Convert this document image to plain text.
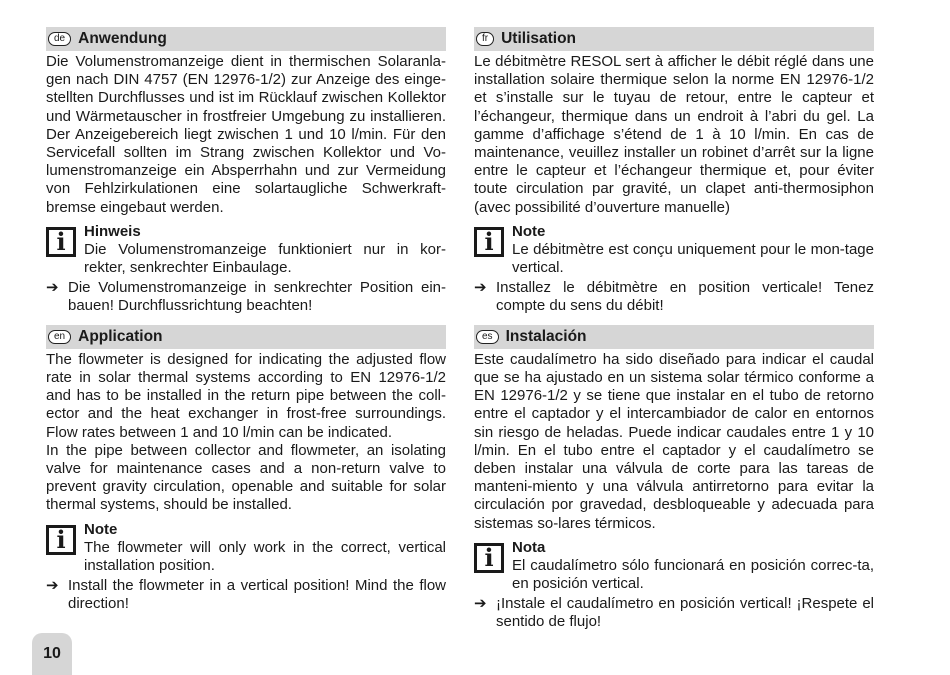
de Anwendung

Die Volumenstromanzeige dient in thermischen Solaranla-gen nach DIN 4757 (EN 12976-1/2) zur Anzeige des einge-stellten Durchflusses und ist im Rücklauf zwischen Kollektor und Wärmetauscher in frostfreier Umgebung zu installieren. Der Anzeigebereich liegt zwischen 1 und 10 l/min. Für den Servicefall sollten im Strang zwischen Kollektor und Vo-lumenstromanzeige ein Absperrhahn und zur Vermeidung von Fehlzirkulationen eine solartaugliche Schwerkraft-bremse eingebaut werden.

i	Hinweis
Die Volumenstromanzeige funktioniert nur in kor-rekter, senkrechter Einbaulage.
➔ Die Volumenstromanzeige in senkrechter Position ein-bauen! Durchflussrichtung beachten!
en Application

The flowmeter is designed for indicating the adjusted flow rate in solar thermal systems according to EN 12976-1/2 and has to be installed in the return pipe between the coll-ector and the heat exchanger in frost-free surroundings. Flow rates between 1 and 10 l/min can be indicated.

In the pipe between collector and flowmeter, an isolating valve for maintenance cases and a non-return valve to prevent gravity circulation, openable and suitable for solar thermal systems, should be installed.

i	Note
The flowmeter will only work in the correct, vertical installation position.
➔ Install the flowmeter in a vertical position! Mind the flow direction!
fr Utilisation

Le débitmètre RESOL sert à afficher le débit réglé dans une installation solaire thermique selon la norme EN 12976-1/2 et s’installe sur le tuyau de retour, entre le capteur et l’échangeur, thermique dans un endroit à l’abri du gel. La gamme d’affichage s’étend de 1 à 10 l/min. En cas de maintenance, veuillez installer un robinet d’arrêt sur la ligne entre le capteur et l’échangeur thermique et, pour éviter toute circulation par gravité, un clapet anti-thermosiphon (avec possibilité d’ouverture manuelle)

i	Note
Le débitmètre est conçu uniquement pour le mon-tage vertical.
➔ Installez le débitmètre en position verticale! Tenez compte du sens du débit!
es Instalación

Este caudalímetro ha sido diseñado para indicar el caudal que se ha ajustado en un sistema solar térmico conforme a EN 12976-1/2 y se tiene que instalar en el tubo de retorno entre el captador y el intercambiador de calor en entornos sin riesgo de heladas. Puede indicar caudales entre 1 y 10 l/min. En el tubo entre el captador y el caudalímetro se deben instalar una válvula de corte para las tareas de manteni-miento y una válvula antirretorno para evitar la circulación por gravedad, desbloqueable y adecuada para sistemas so-lares térmicos.

i	Nota
El caudalímetro sólo funcionará en posición correc-ta, en posición vertical.
➔ ¡Instale el caudalímetro en posición vertical! ¡Respete el sentido de flujo!
10
